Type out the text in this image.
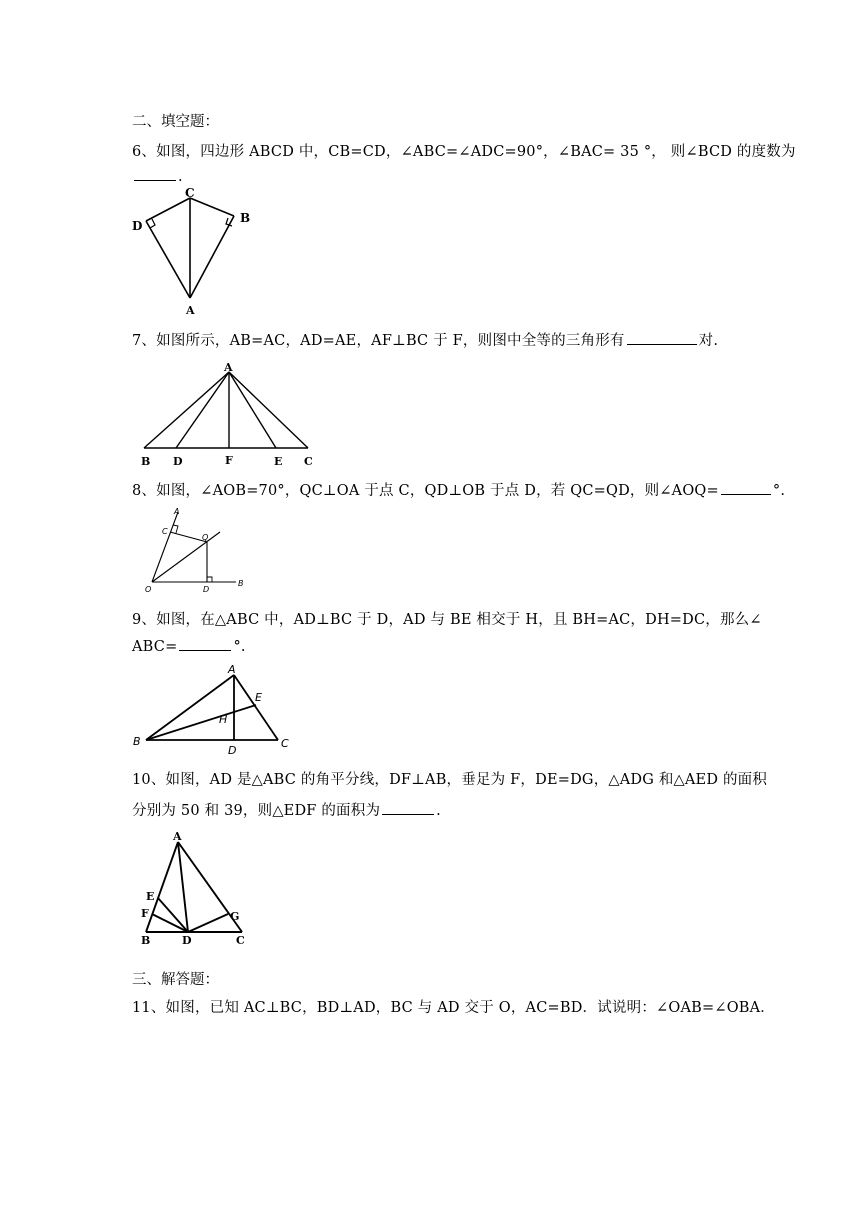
二、填空题：
6、如图，四边形 ABCD 中，CB=CD，∠ABC=∠ADC=90°，∠BAC= 35 °， 则∠BCD 的度数为
.
C
B
D
A
7、如图所示，AB=AC，AD=AE，AF⊥BC 于 F，则图中全等的三角形有	对.
A
B D	F	E C
8、如图，∠AOB=70°，QC⊥OA 于点 C，QD⊥OB 于点 D，若 QC=QD，则∠AOQ=	°.
A
C
Q
O	D
B
9、如图，在△ABC 中，AD⊥BC 于 D，AD 与 BE 相交于 H，且 BH=AC，DH=DC，那么∠
ABC=	°.
A
E
H
B
D
C
10、如图，AD 是△ABC 的角平分线，DF⊥AB，垂足为 F，DE=DG，△ADG 和△AED 的面积
分别为 50 和 39，则△EDF 的面积为	.
A
E
F	G
B	D	C
三、解答题：
11、如图，已知 AC⊥BC，BD⊥AD，BC 与 AD 交于 O，AC=BD．试说明：∠OAB=∠OBA．
